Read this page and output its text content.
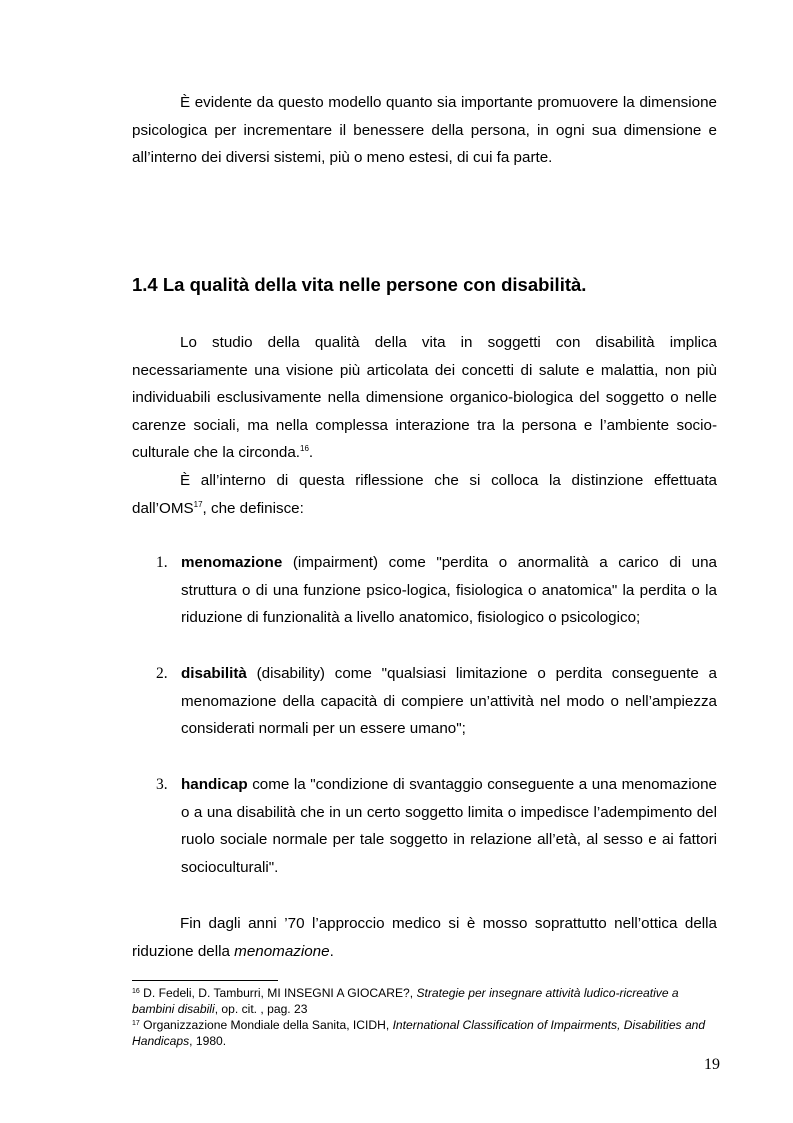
È evidente da questo modello quanto sia importante promuovere la dimensione psicologica per incrementare il benessere della persona, in ogni sua dimensione e all’interno dei diversi sistemi, più o meno estesi, di cui fa parte.

1.4 La qualità della vita nelle persone con disabilità.

Lo studio della qualità della vita in soggetti con disabilità implica necessariamente una visione più articolata dei concetti di salute e malattia, non più individuabili esclusivamente nella dimensione organico-biologica del soggetto o nelle carenze sociali, ma nella complessa interazione tra la persona e l’ambiente socio-culturale che la circonda.$^{16}$.

È all’interno di questa riflessione che si colloca la distinzione effettuata dall’OMS$^{17}$, che definisce:

1. menomazione (impairment) come "perdita o anormalità a carico di una struttura o di una funzione psico-logica, fisiologica o anatomica" la perdita o la riduzione di funzionalità a livello anatomico, fisiologico o psicologico;

2. disabilità (disability) come "qualsiasi limitazione o perdita conseguente a menomazione della capacità di compiere un’attività nel modo o nell’ampiezza considerati normali per un essere umano";

3. handicap come la "condizione di svantaggio conseguente a una menomazione o a una disabilità che in un certo soggetto limita o impedisce l’adempimento del ruolo sociale normale per tale soggetto in relazione all’età, al sesso e ai fattori socioculturali".

Fin dagli anni ’70 l’approccio medico si è mosso soprattutto nell’ottica della riduzione della menomazione.

$^{16}$ D. Fedeli, D. Tamburri, MI INSEGNI A GIOCARE?, Strategie per insegnare attività ludico-ricreative a bambini disabili, op. cit. , pag. 23

$^{17}$ Organizzazione Mondiale della Sanita, ICIDH, International Classification of Impairments, Disabilities and Handicaps, 1980.

19
